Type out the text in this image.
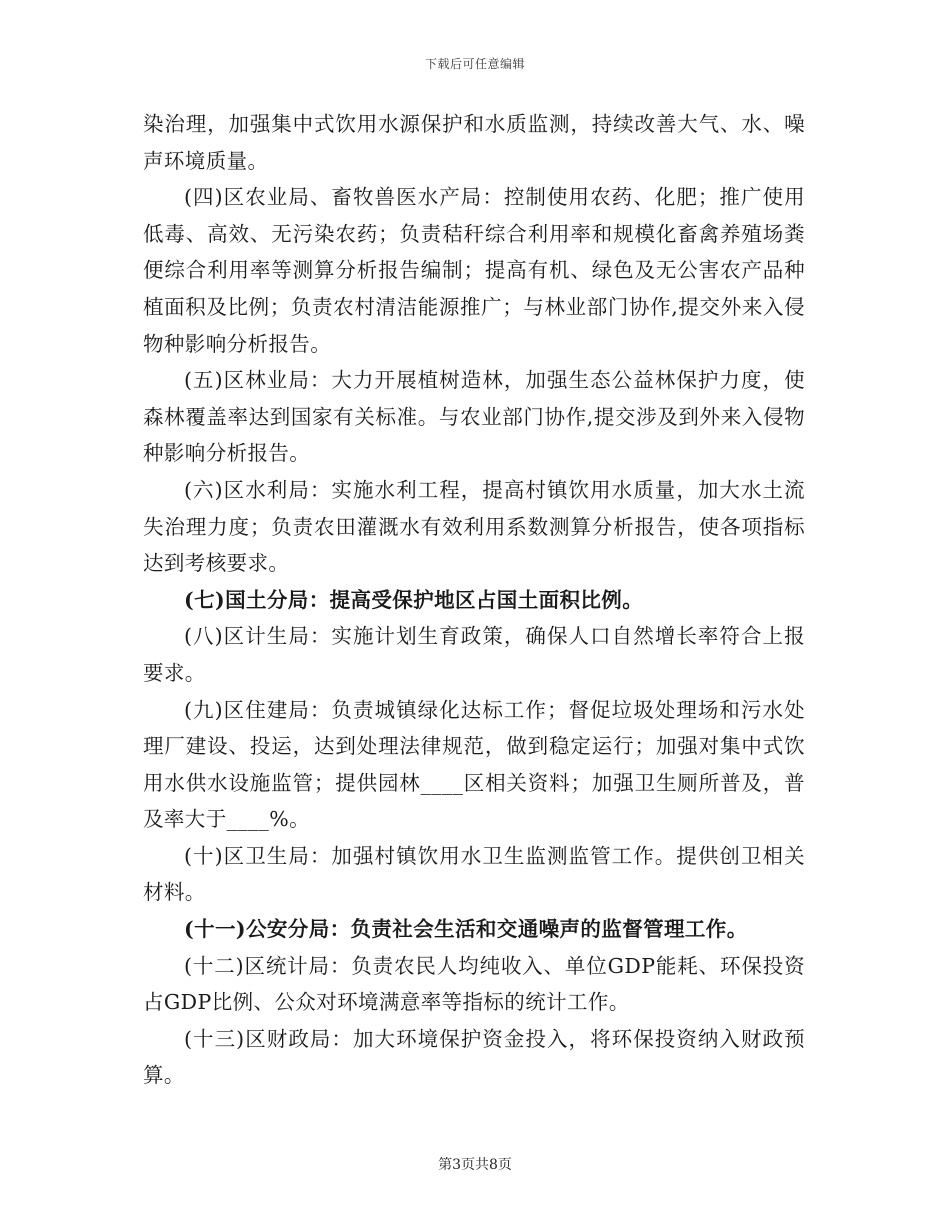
下载后可任意编辑

染治理，加强集中式饮用水源保护和水质监测，持续改善大气、水、噪声环境质量。

(四)区农业局、畜牧兽医水产局：控制使用农药、化肥；推广使用低毒、高效、无污染农药；负责秸秆综合利用率和规模化畜禽养殖场粪便综合利用率等测算分析报告编制；提高有机、绿色及无公害农产品种植面积及比例；负责农村清洁能源推广；与林业部门协作,提交外来入侵物种影响分析报告。

(五)区林业局：大力开展植树造林，加强生态公益林保护力度，使森林覆盖率达到国家有关标准。与农业部门协作,提交涉及到外来入侵物种影响分析报告。

(六)区水利局：实施水利工程，提高村镇饮用水质量，加大水土流失治理力度；负责农田灌溉水有效利用系数测算分析报告，使各项指标达到考核要求。

(七)国土分局：提高受保护地区占国土面积比例。

(八)区计生局：实施计划生育政策，确保人口自然增长率符合上报要求。

(九)区住建局：负责城镇绿化达标工作；督促垃圾处理场和污水处理厂建设、投运，达到处理法律规范，做到稳定运行；加强对集中式饮用水供水设施监管；提供园林____区相关资料；加强卫生厕所普及，普及率大于____%。

(十)区卫生局：加强村镇饮用水卫生监测监管工作。提供创卫相关材料。

(十一)公安分局：负责社会生活和交通噪声的监督管理工作。

(十二)区统计局：负责农民人均纯收入、单位GDP能耗、环保投资占GDP比例、公众对环境满意率等指标的统计工作。

(十三)区财政局：加大环境保护资金投入，将环保投资纳入财政预算。

第3页共8页
